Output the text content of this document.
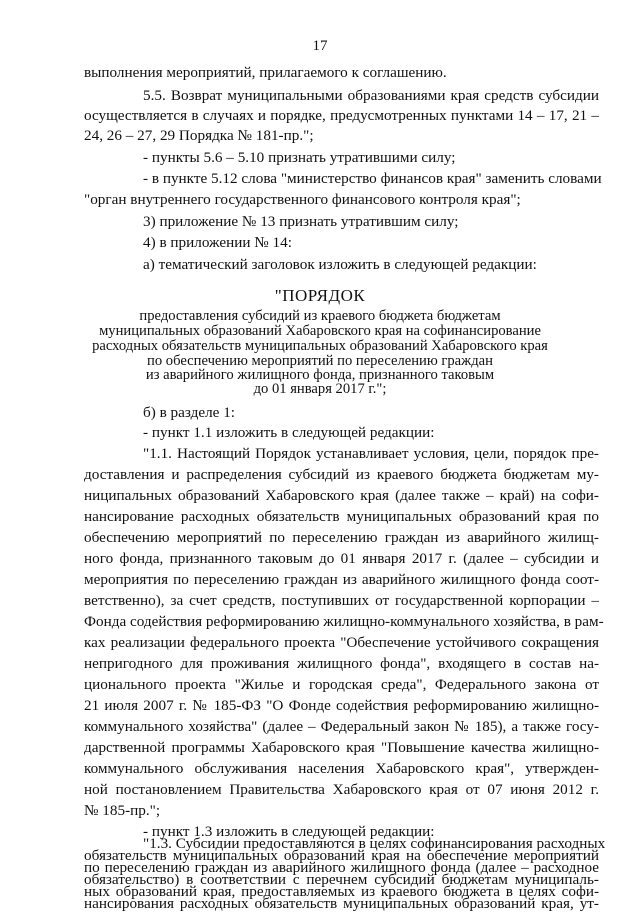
17
выполнения мероприятий, прилагаемого к соглашению.
5.5. Возврат муниципальными образованиями края средств субсидии
осуществляется в случаях и порядке, предусмотренных пунктами 14 – 17, 21 –
24, 26 – 27, 29 Порядка № 181-пр.";
- пункты 5.6 – 5.10 признать утратившими силу;
- в пункте 5.12 слова "министерство финансов края" заменить словами
"орган внутреннего государственного финансового контроля края";
3) приложение № 13 признать утратившим силу;
4) в приложении № 14:
а) тематический заголовок изложить в следующей редакции:
"ПОРЯДОК
предоставления субсидий из краевого бюджета бюджетам
муниципальных образований Хабаровского края на софинансирование
расходных обязательств муниципальных образований Хабаровского края
по обеспечению мероприятий по переселению граждан
из аварийного жилищного фонда, признанного таковым
до 01 января 2017 г.";
б) в разделе 1:
- пункт 1.1 изложить в следующей редакции:
"1.1. Настоящий Порядок устанавливает условия, цели, порядок пре-
доставления и распределения субсидий из краевого бюджета бюджетам му-
ниципальных образований Хабаровского края (далее также – край) на софи-
нансирование расходных обязательств муниципальных образований края по
обеспечению мероприятий по переселению граждан из аварийного жилищ-
ного фонда, признанного таковым до 01 января 2017 г. (далее – субсидии и
мероприятия по переселению граждан из аварийного жилищного фонда соот-
ветственно), за счет средств, поступивших от государственной корпорации –
Фонда содействия реформированию жилищно-коммунального хозяйства, в рам-
ках реализации федерального проекта "Обеспечение устойчивого сокращения
непригодного для проживания жилищного фонда", входящего в состав на-
ционального проекта "Жилье и городская среда", Федерального закона от
21 июля 2007 г. № 185-ФЗ "О Фонде содействия реформированию жилищно-
коммунального хозяйства" (далее – Федеральный закон № 185), а также госу-
дарственной программы Хабаровского края "Повышение качества жилищно-
коммунального обслуживания населения Хабаровского края", утвержден-
ной постановлением Правительства Хабаровского края от 07 июня 2012 г.
№ 185-пр.";
- пункт 1.3 изложить в следующей редакции:
"1.3. Субсидии предоставляются в целях софинансирования расходных
обязательств муниципальных образований края на обеспечение мероприятий
по переселению граждан из аварийного жилищного фонда (далее – расходное
обязательство) в соответствии с перечнем субсидий бюджетам муниципаль-
ных образований края, предоставляемых из краевого бюджета в целях софи-
нансирования расходных обязательств муниципальных образований края, ут-
